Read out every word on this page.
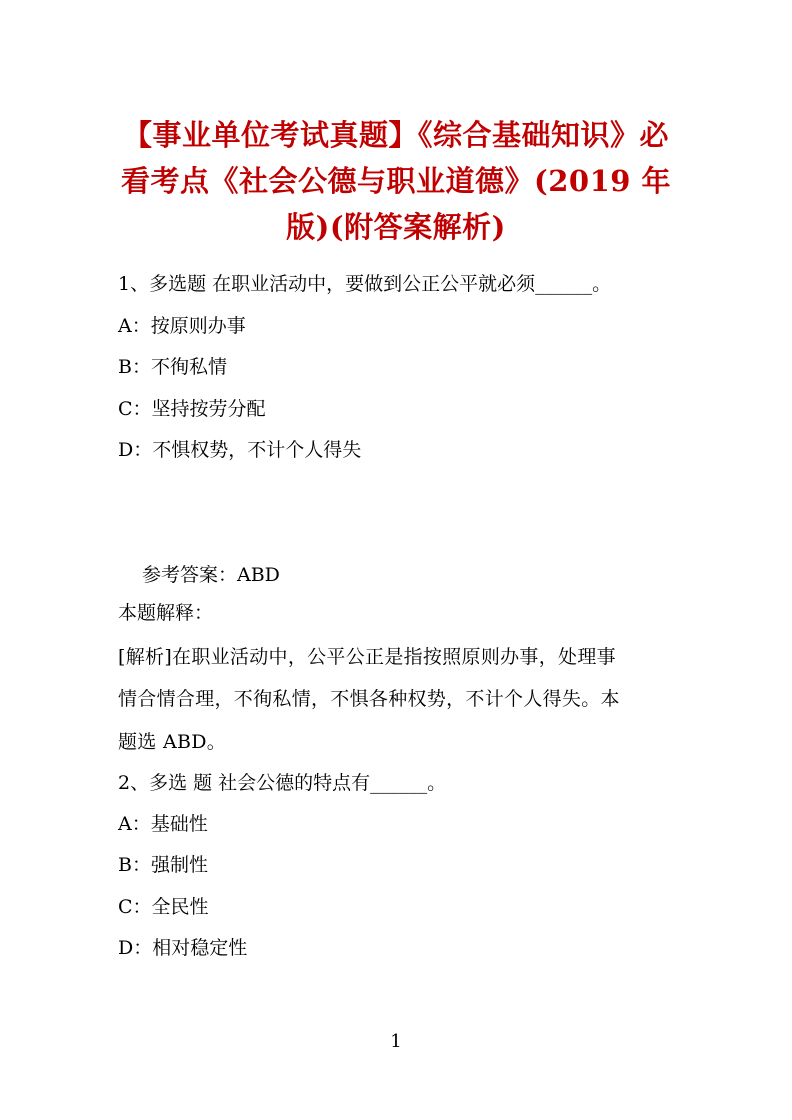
【事业单位考试真题】《综合基础知识》必
看考点《社会公德与职业道德》(2019 年
版)(附答案解析)
1、多选题 在职业活动中，要做到公正公平就必须______。
A：按原则办事
B：不徇私情
C：坚持按劳分配
D：不惧权势，不计个人得失
参考答案：ABD
本题解释：
[解析]在职业活动中，公平公正是指按照原则办事，处理事
情合情合理，不徇私情，不惧各种权势，不计个人得失。本
题选 ABD。
2、多选 题 社会公德的特点有______。
A：基础性
B：强制性
C：全民性
D：相对稳定性
1
